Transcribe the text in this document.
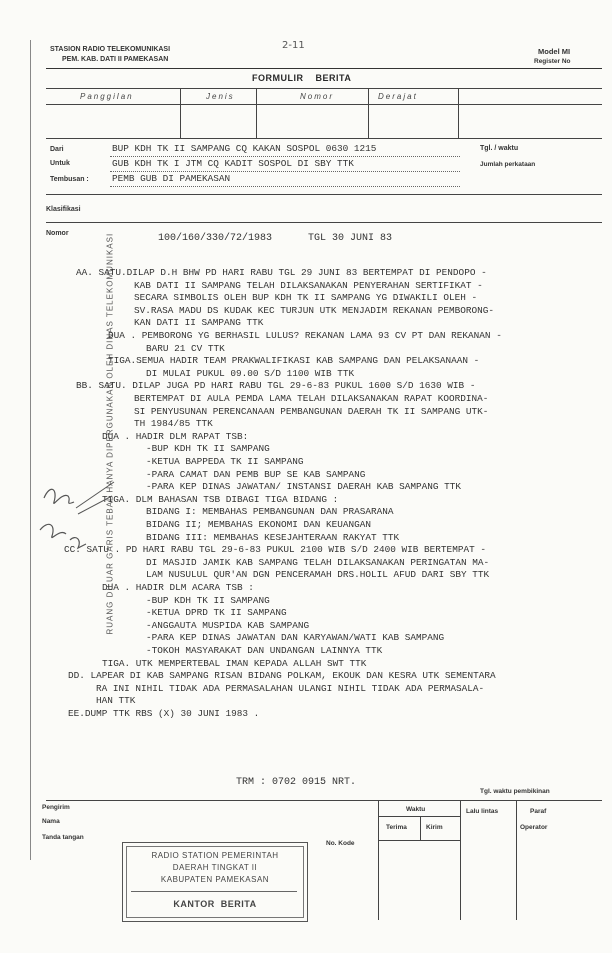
STASION RADIO TELEKOMUNIKASI
PEM. KAB. DATI II PAMEKASAN
2-11
Model MI
Register No
FORMULIR    BERITA
Panggilan	Jenis	Nomor	Derajat
Dari	BUP KDH TK II SAMPANG CQ KAKAN SOSPOL 0630 1215
Untuk	GUB KDH TK I JTM CQ KADIT SOSPOL DI SBY TTK
Tembusan : PEMB GUB DI PAMEKASAN
Tgl. / waktu
Jumlah perkataan
Klasifikasi
Nomor	100/160/330/72/1983      TGL 30 JUNI 83
RUANG DILUAR GARIS TEBAL HANYA DIPERGUNAKAN OLEH DINAS TELEKOMUNIKASI
AA. SATU.DILAP D.H BHW PD HARI RABU TGL 29 JUNI 83 BERTEMPAT DI PENDOPO -
KAB DATI II SAMPANG TELAH DILAKSANAKAN PENYERAHAN SERTIFIKAT -
SECARA SIMBOLIS OLEH BUP KDH TK II SAMPANG YG DIWAKILI OLEH -
SV.RASA MADU DS KUDAK KEC TURJUN UTK MENJADIM REKANAN PEMBORONG-
KAN DATI II SAMPANG TTK
DUA . PEMBORONG YG BERHASIL LULUS? REKANAN LAMA 93 CV PT DAN REKANAN -
BARU 21 CV TTK
TIGA.SEMUA HADIR TEAM PRAKWALIFIKASI KAB SAMPANG DAN PELAKSANAAN -
DI MULAI PUKUL 09.00 S/D 1100 WIB TTK
BB. SATU. DILAP JUGA PD HARI RABU TGL 29-6-83 PUKUL 1600 S/D 1630 WIB -
BERTEMPAT DI AULA PEMDA LAMA TELAH DILAKSANAKAN RAPAT KOORDINA-
SI PENYUSUNAN PERENCANAAN PEMBANGUNAN DAERAH TK II SAMPANG UTK-
TH 1984/85 TTK
DUA . HADIR DLM RAPAT TSB:
-BUP KDH TK II SAMPANG
-KETUA BAPPEDA TK II SAMPANG
-PARA CAMAT DAN PEMB BUP SE KAB SAMPANG
-PARA KEP DINAS JAWATAN/ INSTANSI DAERAH KAB SAMPANG TTK
TIGA. DLM BAHASAN TSB DIBAGI TIGA BIDANG :
BIDANG I: MEMBAHAS PEMBANGUNAN DAN PRASARANA
BIDANG II; MEMBAHAS EKONOMI DAN KEUANGAN
BIDANG III: MEMBAHAS KESEJAHTERAAN RAKYAT TTK
CC. SATU . PD HARI RABU TGL 29-6-83 PUKUL 2100 WIB S/D 2400 WIB BERTEMPAT -
DI MASJID JAMIK KAB SAMPANG TELAH DILAKSANAKAN PERINGATAN MA-
LAM NUSULUL QUR'AN DGN PENCERAMAH DRS.HOLIL AFUD DARI SBY TTK
DUA . HADIR DLM ACARA TSB :
-BUP KDH TK II SAMPANG
-KETUA DPRD TK II SAMPANG
-ANGGAUTA MUSPIDA KAB SAMPANG
-PARA KEP DINAS JAWATAN DAN KARYAWAN/WATI KAB SAMPANG
-TOKOH MASYARAKAT DAN UNDANGAN LAINNYA TTK
TIGA. UTK MEMPERTEBAL IMAN KEPADA ALLAH SWT TTK
DD. LAPEAR DI KAB SAMPANG RISAN BIDANG POLKAM, EKOUK DAN KESRA UTK SEMENTARA
RA INI NIHIL TIDAK ADA PERMASALAHAN ULANGI NIHIL TIDAK ADA PERMASALA-
HAN TTK
EE.DUMP TTK RBS (X) 30 JUNI 1983 .
TRM : 0702 0915 NRT.
Tgl. waktu pembikinan
Pengirim
Nama
Tanda tangan
No. Kode
Waktu
Terima	Kirim
Lalu lintas	Paraf
Operator
RADIO STATION PEMERINTAH
DAERAH TINGKAT II
KABUPATEN PAMEKASAN
KANTOR  BERITA
